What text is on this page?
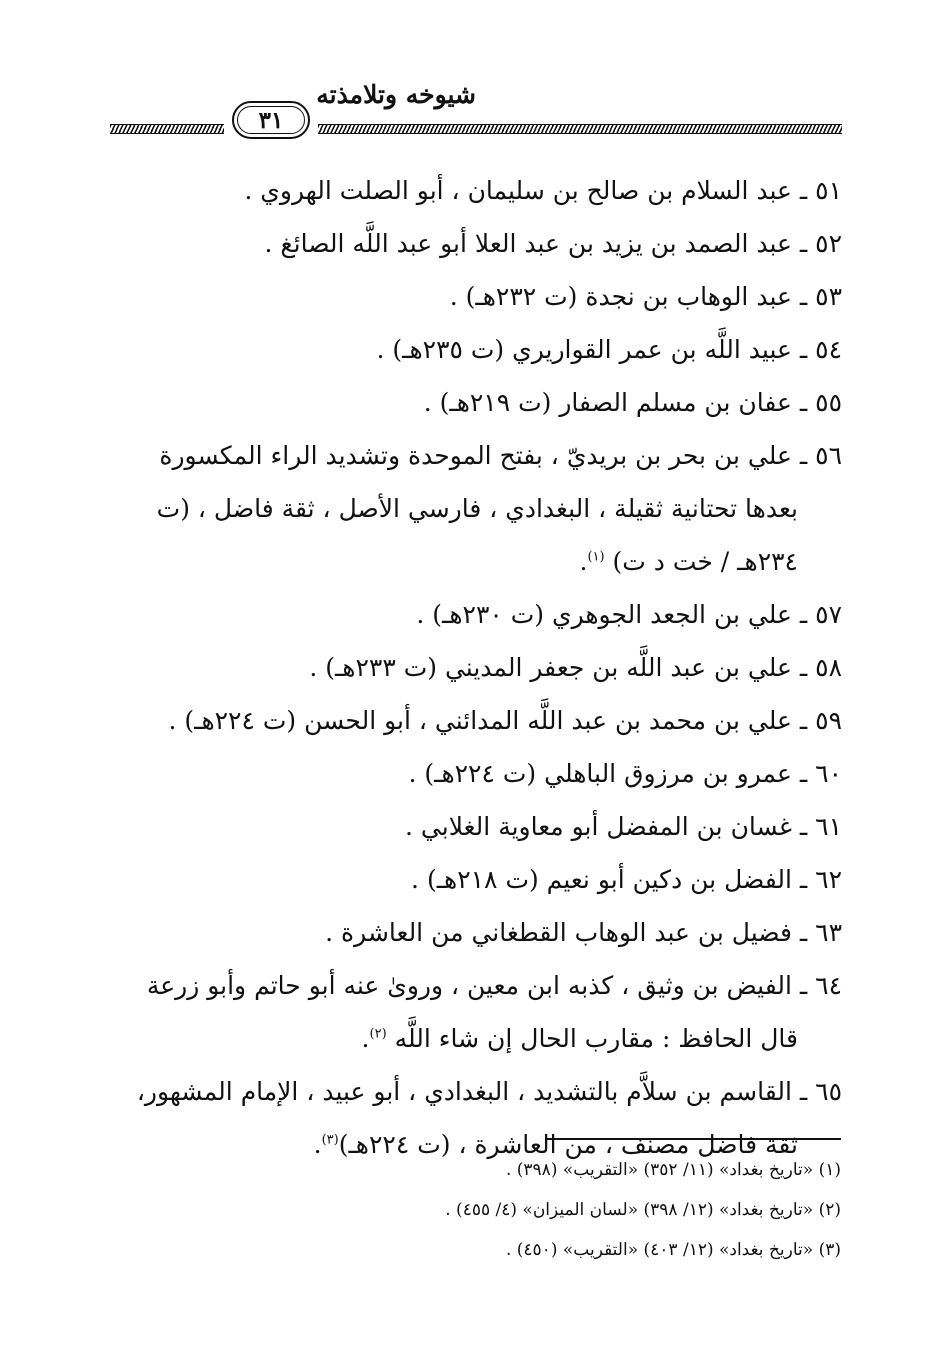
شيوخه وتلامذته
٣١
٥١ ـ عبد السلام بن صالح بن سليمان ، أبو الصلت الهروي .
٥٢ ـ عبد الصمد بن يزيد بن عبد العلا أبو عبد اللَّه الصائغ .
٥٣ ـ عبد الوهاب بن نجدة (ت ٢٣٢هـ) .
٥٤ ـ عبيد اللَّه بن عمر القواريري (ت ٢٣٥هـ) .
٥٥ ـ عفان بن مسلم الصفار (ت ٢١٩هـ) .
٥٦ ـ علي بن بحر بن بريديّ ، بفتح الموحدة وتشديد الراء المكسورة
بعدها تحتانية ثقيلة ، البغدادي ، فارسي الأصل ، ثقة فاضل ، (ت
٢٣٤هـ / خت د ت) $^{(١)}$.
٥٧ ـ علي بن الجعد الجوهري (ت ٢٣٠هـ) .
٥٨ ـ علي بن عبد اللَّه بن جعفر المديني (ت ٢٣٣هـ) .
٥٩ ـ علي بن محمد بن عبد اللَّه المدائني ، أبو الحسن (ت ٢٢٤هـ) .
٦٠ ـ عمرو بن مرزوق الباهلي (ت ٢٢٤هـ) .
٦١ ـ غسان بن المفضل أبو معاوية الغلابي .
٦٢ ـ الفضل بن دكين أبو نعيم (ت ٢١٨هـ) .
٦٣ ـ فضيل بن عبد الوهاب القطغاني من العاشرة .
٦٤ ـ الفيض بن وثيق ، كذبه ابن معين ، وروىٰ عنه أبو حاتم وأبو زرعة
قال الحافظ : مقارب الحال إن شاء اللَّه $^{(٢)}$.
٦٥ ـ القاسم بن سلاَّم بالتشديد ، البغدادي ، أبو عبيد ، الإمام المشهور،
ثقة فاضل مصنف ، من العاشرة ، (ت ٢٢٤هـ)$^{(٣)}$.
(١) «تاريخ بغداد» (١١/ ٣٥٢) «التقريب» (٣٩٨) .
(٢) «تاريخ بغداد» (١٢/ ٣٩٨) «لسان الميزان» (٤/ ٤٥٥) .
(٣) «تاريخ بغداد» (١٢/ ٤٠٣) «التقريب» (٤٥٠) .
